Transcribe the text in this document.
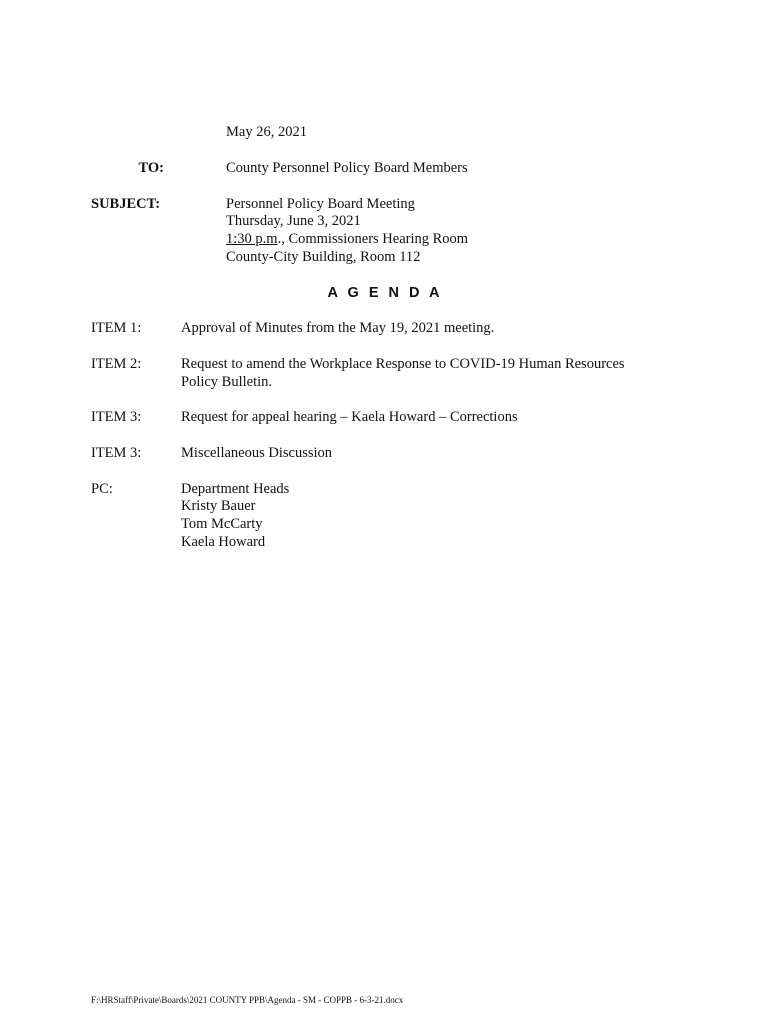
May 26, 2021
TO:	County Personnel Policy Board Members
SUBJECT:	Personnel Policy Board Meeting
Thursday, June 3, 2021
1:30 p.m., Commissioners Hearing Room
County-City Building, Room 112
A G E N D A
ITEM 1:	Approval of Minutes from the May 19, 2021 meeting.
ITEM 2:	Request to amend the Workplace Response to COVID-19 Human Resources
Policy Bulletin.
ITEM 3:	Request for appeal hearing – Kaela Howard – Corrections
ITEM 3:	Miscellaneous Discussion
PC:	Department Heads
Kristy Bauer
Tom McCarty
Kaela Howard
F:\HRStaff\Private\Boards\2021 COUNTY PPB\Agenda - SM - COPPB - 6-3-21.docx
